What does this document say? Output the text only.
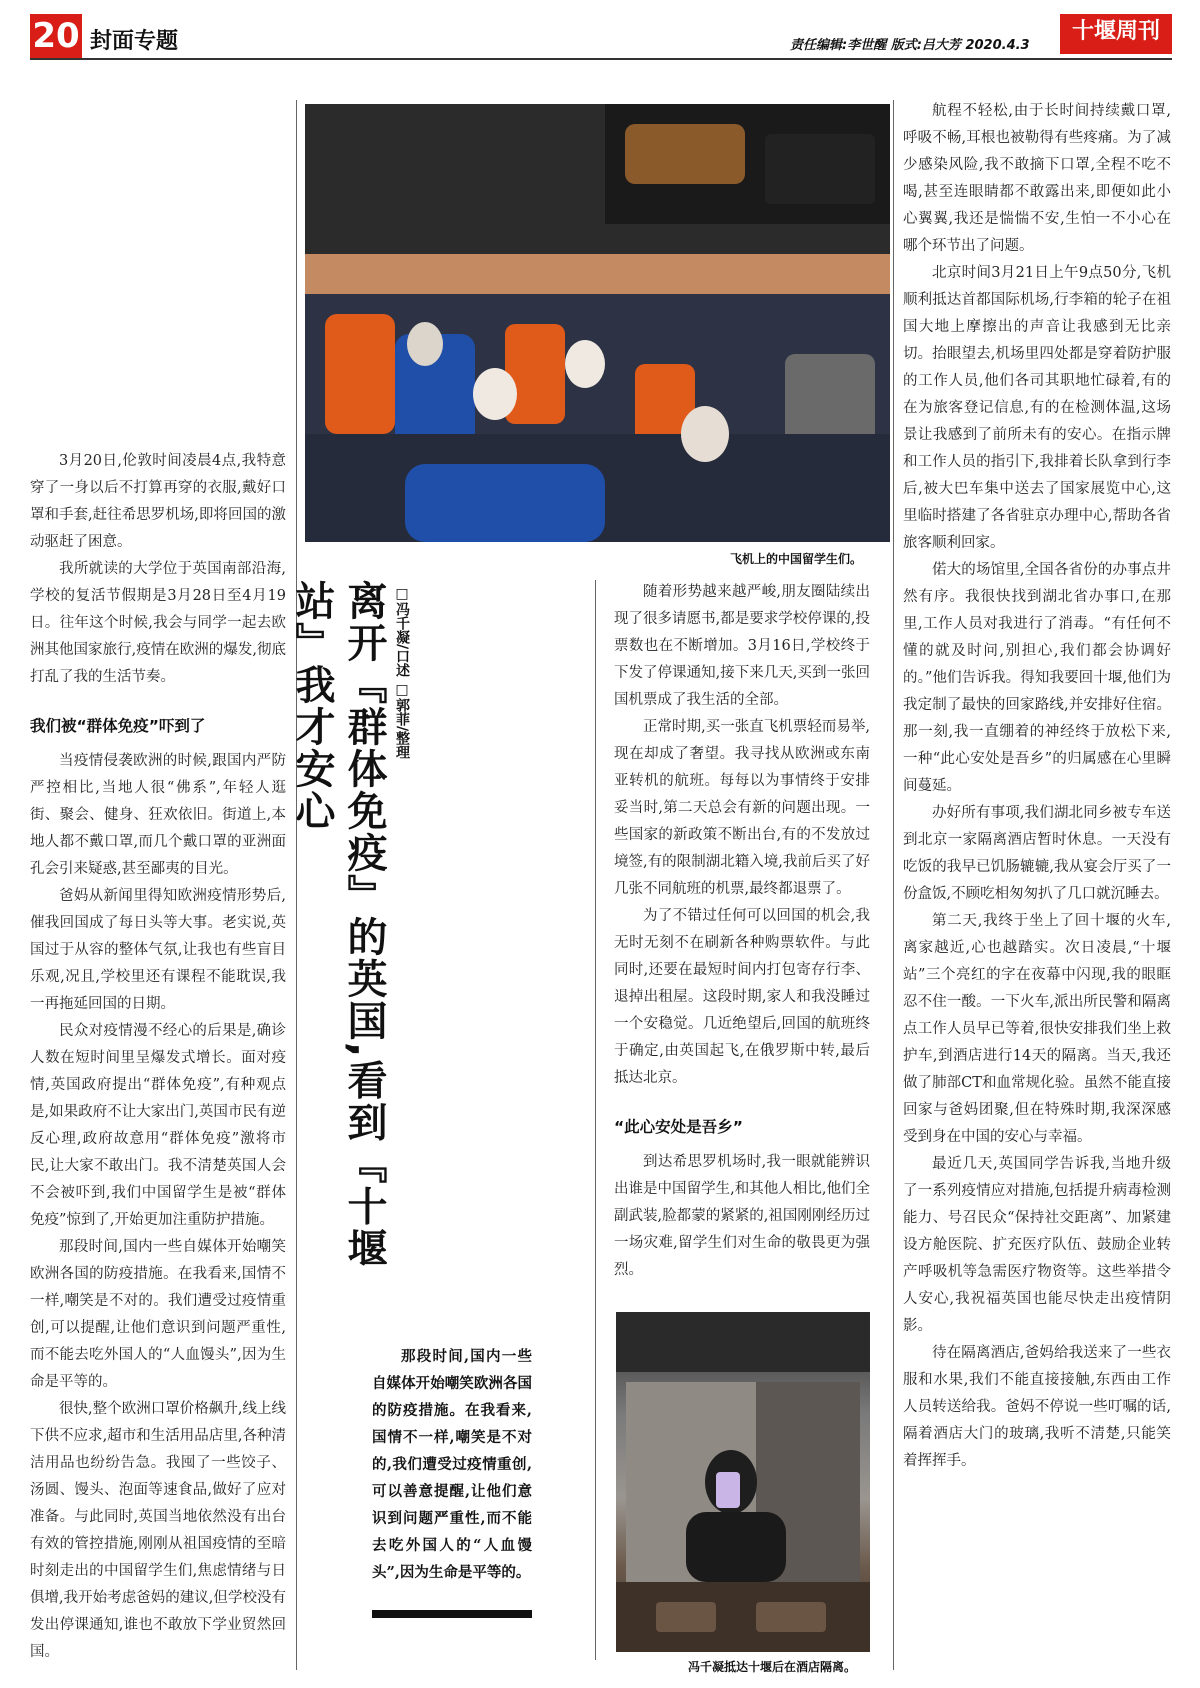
20 封面专题	责任编辑:李世醒 版式:吕大芳 2020.4.3
十堰周刊
飞机上的中国留学生们。

3月20日,伦敦时间凌晨4点,我特意穿了一身以后不打算再穿的衣服,戴好口罩和手套,赶往希思罗机场,即将回国的激动驱赶了困意。

我所就读的大学位于英国南部沿海,学校的复活节假期是3月28日至4月19日。往年这个时候,我会与同学一起去欧洲其他国家旅行,疫情在欧洲的爆发,彻底打乱了我的生活节奏。

我们被“群体免疫”吓到了

当疫情侵袭欧洲的时候,跟国内严防严控相比,当地人很“佛系”,年轻人逛街、聚会、健身、狂欢依旧。街道上,本地人都不戴口罩,而几个戴口罩的亚洲面孔会引来疑惑,甚至鄙夷的目光。

爸妈从新闻里得知欧洲疫情形势后,催我回国成了每日头等大事。老实说,英国过于从容的整体气氛,让我也有些盲目乐观,况且,学校里还有课程不能耽误,我一再拖延回国的日期。

民众对疫情漫不经心的后果是,确诊人数在短时间里呈爆发式增长。面对疫情,英国政府提出“群体免疫”,有种观点是,如果政府不让大家出门,英国市民有逆反心理,政府故意用“群体免疫”激将市民,让大家不敢出门。我不清楚英国人会不会被吓到,我们中国留学生是被“群体免疫”惊到了,开始更加注重防护措施。

那段时间,国内一些自媒体开始嘲笑欧洲各国的防疫措施。在我看来,国情不一样,嘲笑是不对的。我们遭受过疫情重创,可以提醒,让他们意识到问题严重性,而不能去吃外国人的“人血馒头”,因为生命是平等的。

很快,整个欧洲口罩价格飙升,线上线下供不应求,超市和生活用品店里,各种清洁用品也纷纷告急。我囤了一些饺子、汤圆、馒头、泡面等速食品,做好了应对准备。与此同时,英国当地依然没有出台有效的管控措施,刚刚从祖国疫情的至暗时刻走出的中国留学生们,焦虑情绪与日俱增,我开始考虑爸妈的建议,但学校没有发出停课通知,谁也不敢放下学业贸然回国。

离开『群体免疫』的英国,看到『十堰站』我才安心	□冯千凝/口述 □郭菲/整理
那段时间,国内一些自媒体开始嘲笑欧洲各国的防疫措施。在我看来,国情不一样,嘲笑是不对的,我们遭受过疫情重创,可以善意提醒,让他们意识到问题严重性,而不能去吃外国人的“人血馒头”,因为生命是平等的。

随着形势越来越严峻,朋友圈陆续出现了很多请愿书,都是要求学校停课的,投票数也在不断增加。3月16日,学校终于下发了停课通知,接下来几天,买到一张回国机票成了我生活的全部。

正常时期,买一张直飞机票轻而易举,现在却成了奢望。我寻找从欧洲或东南亚转机的航班。每每以为事情终于安排妥当时,第二天总会有新的问题出现。一些国家的新政策不断出台,有的不发放过境签,有的限制湖北籍入境,我前后买了好几张不同航班的机票,最终都退票了。

为了不错过任何可以回国的机会,我无时无刻不在刷新各种购票软件。与此同时,还要在最短时间内打包寄存行李、退掉出租屋。这段时期,家人和我没睡过一个安稳觉。几近绝望后,回国的航班终于确定,由英国起飞,在俄罗斯中转,最后抵达北京。

“此心安处是吾乡”

到达希思罗机场时,我一眼就能辨识出谁是中国留学生,和其他人相比,他们全副武装,脸都蒙的紧紧的,祖国刚刚经历过一场灾难,留学生们对生命的敬畏更为强烈。

冯千凝抵达十堰后在酒店隔离。

航程不轻松,由于长时间持续戴口罩,呼吸不畅,耳根也被勒得有些疼痛。为了减少感染风险,我不敢摘下口罩,全程不吃不喝,甚至连眼睛都不敢露出来,即便如此小心翼翼,我还是惴惴不安,生怕一不小心在哪个环节出了问题。

北京时间3月21日上午9点50分,飞机顺利抵达首都国际机场,行李箱的轮子在祖国大地上摩擦出的声音让我感到无比亲切。抬眼望去,机场里四处都是穿着防护服的工作人员,他们各司其职地忙碌着,有的在为旅客登记信息,有的在检测体温,这场景让我感到了前所未有的安心。在指示牌和工作人员的指引下,我排着长队拿到行李后,被大巴车集中送去了国家展览中心,这里临时搭建了各省驻京办理中心,帮助各省旅客顺利回家。

偌大的场馆里,全国各省份的办事点井然有序。我很快找到湖北省办事口,在那里,工作人员对我进行了消毒。“有任何不懂的就及时问,别担心,我们都会协调好的。”他们告诉我。得知我要回十堰,他们为我定制了最快的回家路线,并安排好住宿。那一刻,我一直绷着的神经终于放松下来,一种“此心安处是吾乡”的归属感在心里瞬间蔓延。

办好所有事项,我们湖北同乡被专车送到北京一家隔离酒店暂时休息。一天没有吃饭的我早已饥肠辘辘,我从宴会厅买了一份盒饭,不顾吃相匆匆扒了几口就沉睡去。

第二天,我终于坐上了回十堰的火车,离家越近,心也越踏实。次日凌晨,“十堰站”三个亮红的字在夜幕中闪现,我的眼眶忍不住一酸。一下火车,派出所民警和隔离点工作人员早已等着,很快安排我们坐上救护车,到酒店进行14天的隔离。当天,我还做了肺部CT和血常规化验。虽然不能直接回家与爸妈团聚,但在特殊时期,我深深感受到身在中国的安心与幸福。

最近几天,英国同学告诉我,当地升级了一系列疫情应对措施,包括提升病毒检测能力、号召民众“保持社交距离”、加紧建设方舱医院、扩充医疗队伍、鼓励企业转产呼吸机等急需医疗物资等。这些举措令人安心,我祝福英国也能尽快走出疫情阴影。

待在隔离酒店,爸妈给我送来了一些衣服和水果,我们不能直接接触,东西由工作人员转送给我。爸妈不停说一些叮嘱的话,隔着酒店大门的玻璃,我听不清楚,只能笑着挥挥手。
